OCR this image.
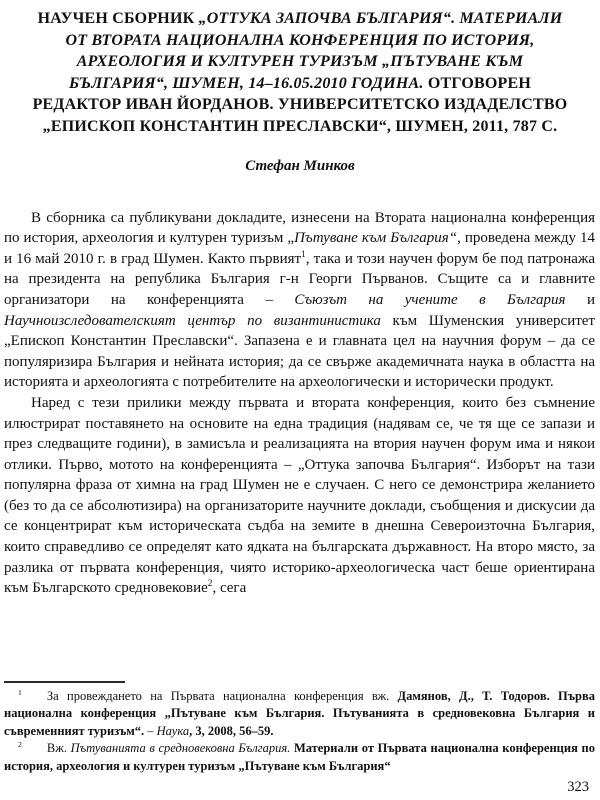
НАУЧЕН СБОРНИК „ОТТУКА ЗАПОЧВА БЪЛГАРИЯ“. МАТЕРИАЛИ ОТ ВТОРАТА НАЦИОНАЛНА КОНФЕРЕНЦИЯ ПО ИСТОРИЯ, АРХЕОЛОГИЯ И КУЛТУРЕН ТУРИЗЪМ „ПЪТУВАНЕ КЪМ БЪЛГАРИЯ“, ШУМЕН, 14–16.05.2010 ГОДИНА. ОТГОВОРЕН РЕДАКТОР ИВАН ЙОРДАНОВ. УНИВЕРСИТЕТСКО ИЗДАДЕЛСТВО „ЕПИСКОП КОНСТАНТИН ПРЕСЛАВСКИ“, ШУМЕН, 2011, 787 С.
Стефан Минков

В сборника са публикувани докладите, изнесени на Втората национална конференция по история, археология и културен туризъм „Пътуване към България“, проведена между 14 и 16 май 2010 г. в град Шумен. Както първият$^1$, така и този научен форум бе под патронажа на президента на република България г-н Георги Първанов. Същите са и главните организатори на конференцията – Съюзът на учените в България и Научноизследователският център по византинистика към Шуменския университет „Епископ Константин Преславски“. Запазена е и главната цел на научния форум – да се популяризира България и нейната история; да се свърже академичната наука в областта на историята и археологията с потребителите на археологически и исторически продукт.

Наред с тези прилики между първата и втората конференция, които без съмнение илюстрират поставянето на основите на една традиция (надявам се, че тя ще се запази и през следващите години), в замисъла и реализацията на втория научен форум има и някои отлики. Първо, мотото на конференцията – „Оттука започва България“. Изборът на тази популярна фраза от химна на град Шумен не е случаен. С него се демонстрира желанието (без то да се абсолютизира) на организаторите научните доклади, съобщения и дискусии да се концентрират към историческата съдба на земите в днешна Североизточна България, които справедливо се определят като ядката на българската държавност. На второ място, за разлика от първата конференция, чиято историко-археологическа част беше ориентирана към Българското средновековие$^2$, сега

$^1$ За провеждането на Първата национална конференция вж. Дамянов, Д., Т. Тодоров. Първа национална конференция „Пътуване към България. Пътуванията в средновековна България и съвременният туризъм“. – Наука, 3, 2008, 56–59.

$^2$ Вж. Пътуванията в средновековна България. Материали от Първата национална конференция по история, археология и културен туризъм „Пътуване към България“

323
